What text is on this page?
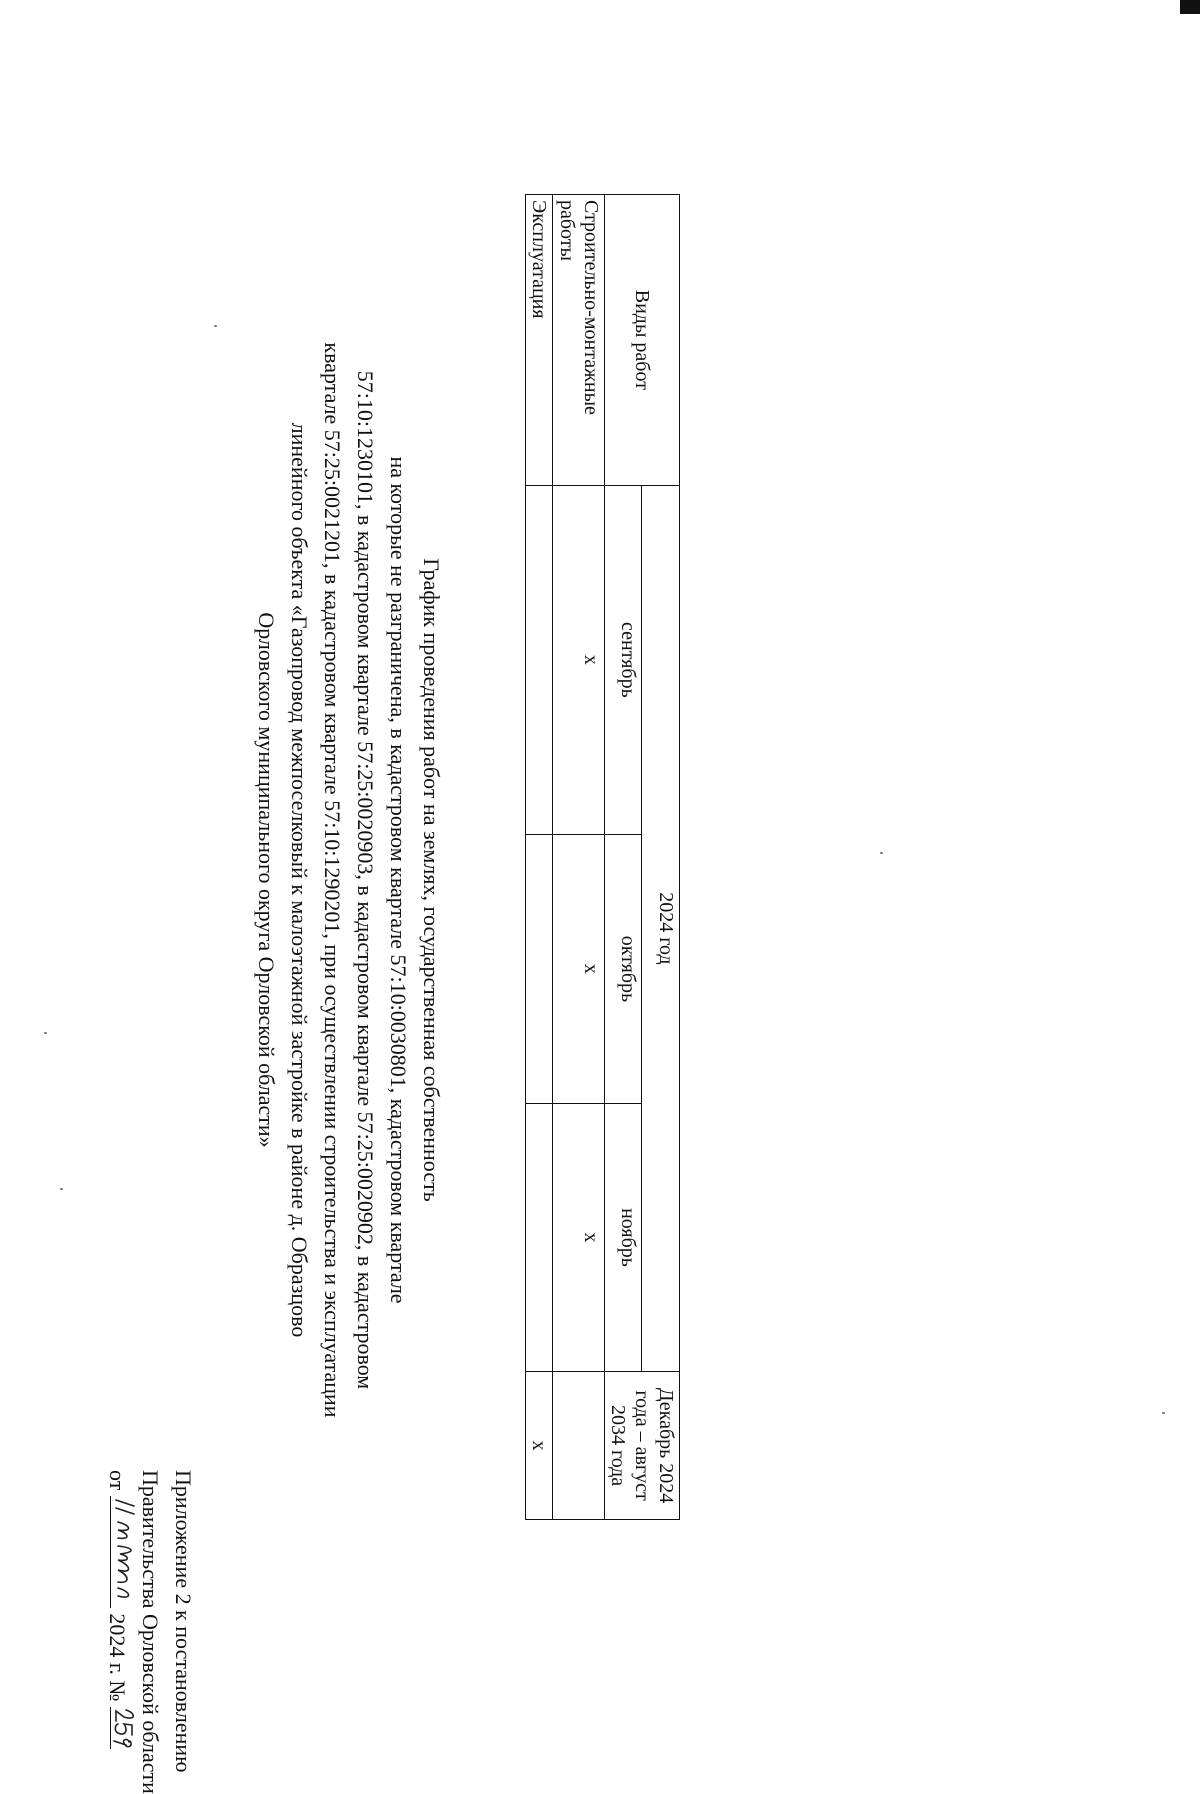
Приложение 2 к постановлению
Правительства Орловской области
от
2024 г. №
График проведения работ на землях, государственная собственность
на которые не разграничена, в кадастровом квартале 57:10:0030801, кадастровом квартале
57:10:1230101, в кадастровом квартале 57:25:0020903, в кадастровом квартале 57:25:0020902, в кадастровом
квартале 57:25:0021201, в кадастровом квартале 57:10:1290201, при осуществлении строительства и эксплуатации
линейного объекта «Газопровод межпоселковый к малоэтажной застройке в районе д. Образцово
Орловского муниципального округа Орловской области»
Виды работ	2024 год			Декабрь 2024 года – август 2034 года
	сентябрь	октябрь	ноябрь	
Строительно-монтажные работы	x	x	x	
Эксплуатация				x
